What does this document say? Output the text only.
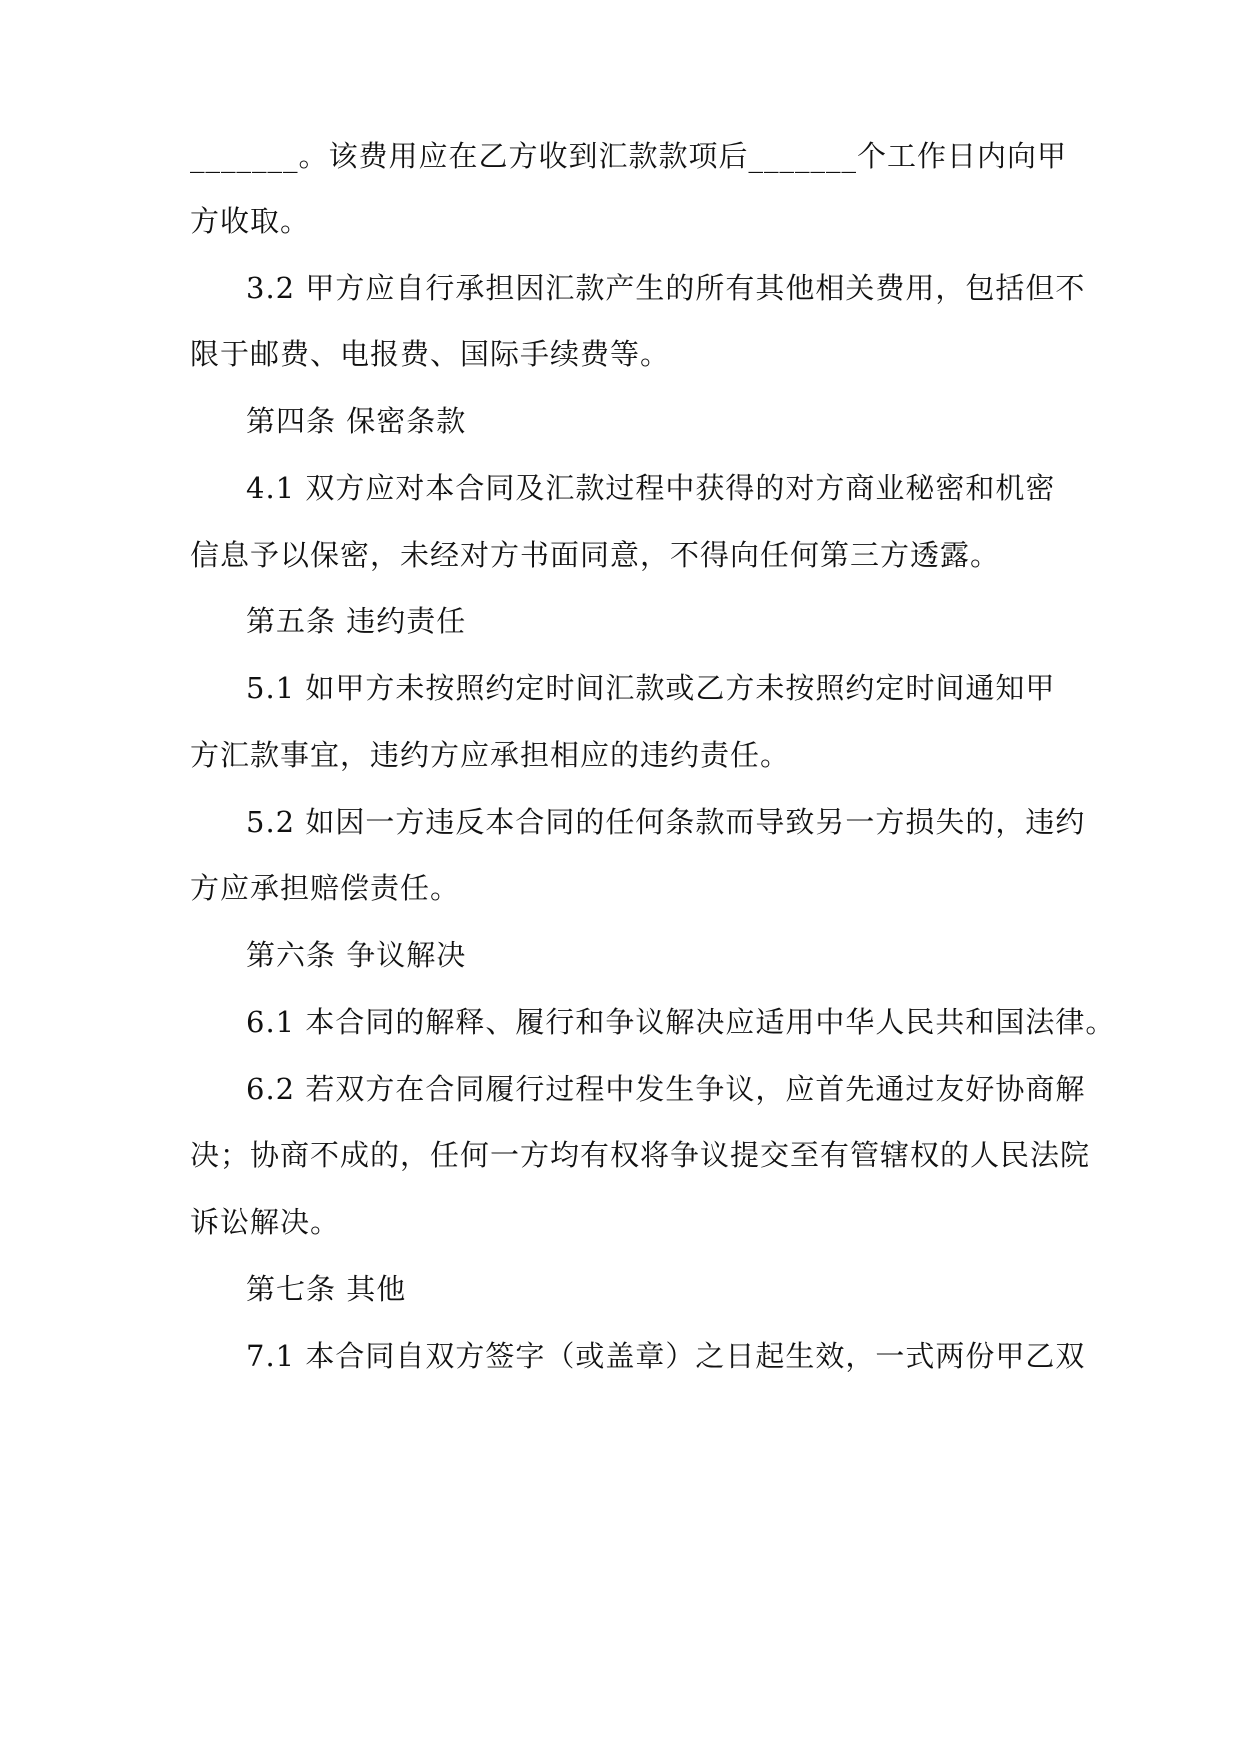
_______。该费用应在乙方收到汇款款项后_______个工作日内向甲
方收取。
3.2 甲方应自行承担因汇款产生的所有其他相关费用，包括但不
限于邮费、电报费、国际手续费等。
第四条 保密条款
4.1 双方应对本合同及汇款过程中获得的对方商业秘密和机密
信息予以保密，未经对方书面同意，不得向任何第三方透露。
第五条 违约责任
5.1 如甲方未按照约定时间汇款或乙方未按照约定时间通知甲
方汇款事宜，违约方应承担相应的违约责任。
5.2 如因一方违反本合同的任何条款而导致另一方损失的，违约
方应承担赔偿责任。
第六条 争议解决
6.1 本合同的解释、履行和争议解决应适用中华人民共和国法律。
6.2 若双方在合同履行过程中发生争议，应首先通过友好协商解
决；协商不成的，任何一方均有权将争议提交至有管辖权的人民法院
诉讼解决。
第七条 其他
7.1 本合同自双方签字（或盖章）之日起生效，一式两份甲乙双
